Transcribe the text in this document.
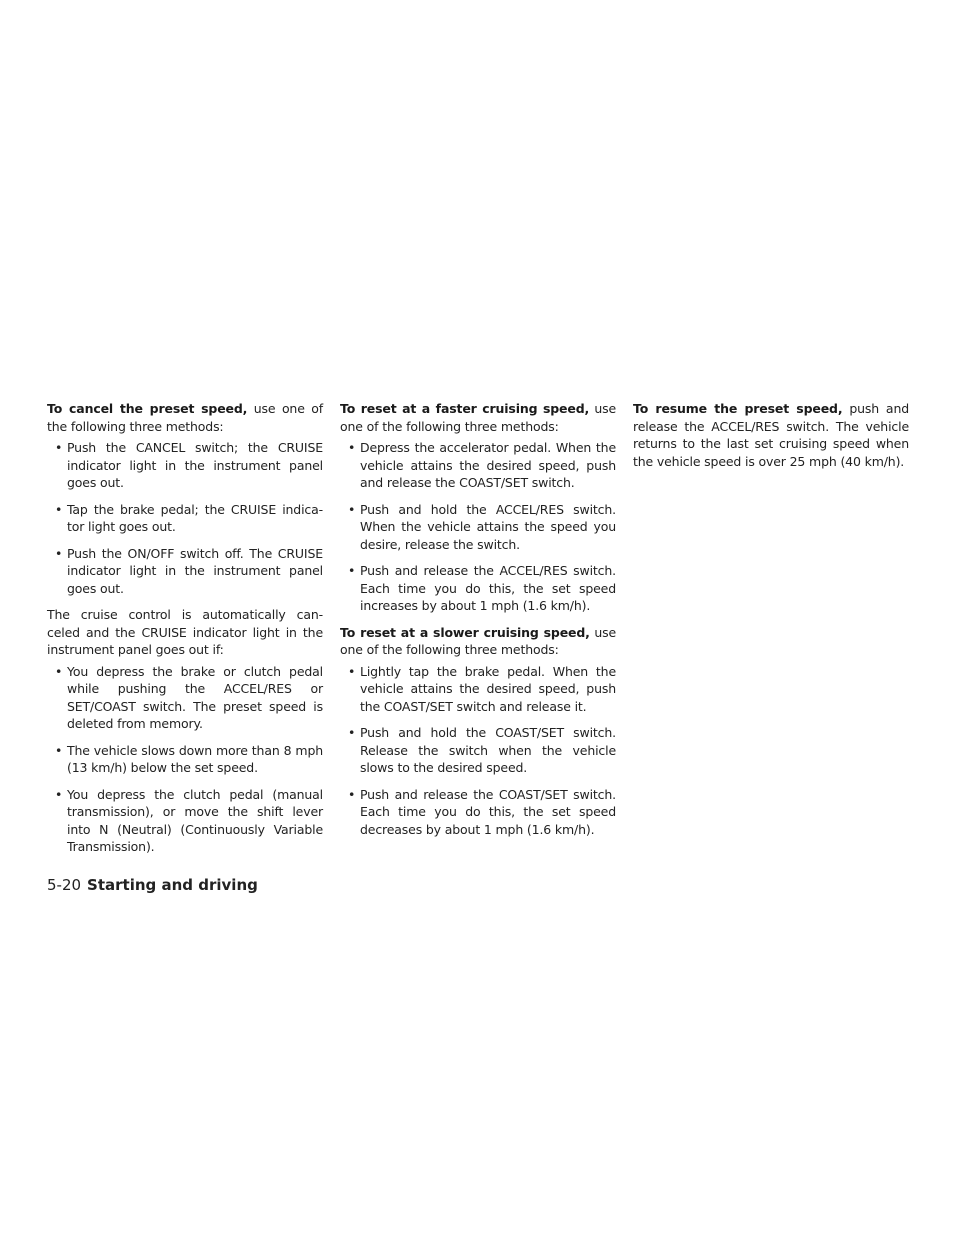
To cancel the preset speed, use one of the following three methods:

• Push the CANCEL switch; the CRUISE indicator light in the instrument panel goes out.
• Tap the brake pedal; the CRUISE indica- tor light goes out.
• Push the ON/OFF switch off. The CRUISE indicator light in the instrument panel goes out.

The cruise control is automatically can- celed and the CRUISE indicator light in the instrument panel goes out if:

• You depress the brake or clutch pedal while pushing the ACCEL/RES or SET/COAST switch. The preset speed is deleted from memory.
• The vehicle slows down more than 8 mph (13 km/h) below the set speed.
• You depress the clutch pedal (manual transmission), or move the shift lever into N (Neutral) (Continuously Variable Transmission).

To reset at a faster cruising speed, use one of the following three methods:

• Depress the accelerator pedal. When the vehicle attains the desired speed, push and release the COAST/SET switch.
• Push and hold the ACCEL/RES switch. When the vehicle attains the speed you desire, release the switch.
• Push and release the ACCEL/RES switch. Each time you do this, the set speed increases by about 1 mph (1.6 km/h).

To reset at a slower cruising speed, use one of the following three methods:

• Lightly tap the brake pedal. When the vehicle attains the desired speed, push the COAST/SET switch and release it.
• Push and hold the COAST/SET switch. Release the switch when the vehicle slows to the desired speed.
• Push and release the COAST/SET switch. Each time you do this, the set speed decreases by about 1 mph (1.6 km/h).

To resume the preset speed, push and release the ACCEL/RES switch. The vehicle returns to the last set cruising speed when the vehicle speed is over 25 mph (40 km/h).

5-20 Starting and driving
